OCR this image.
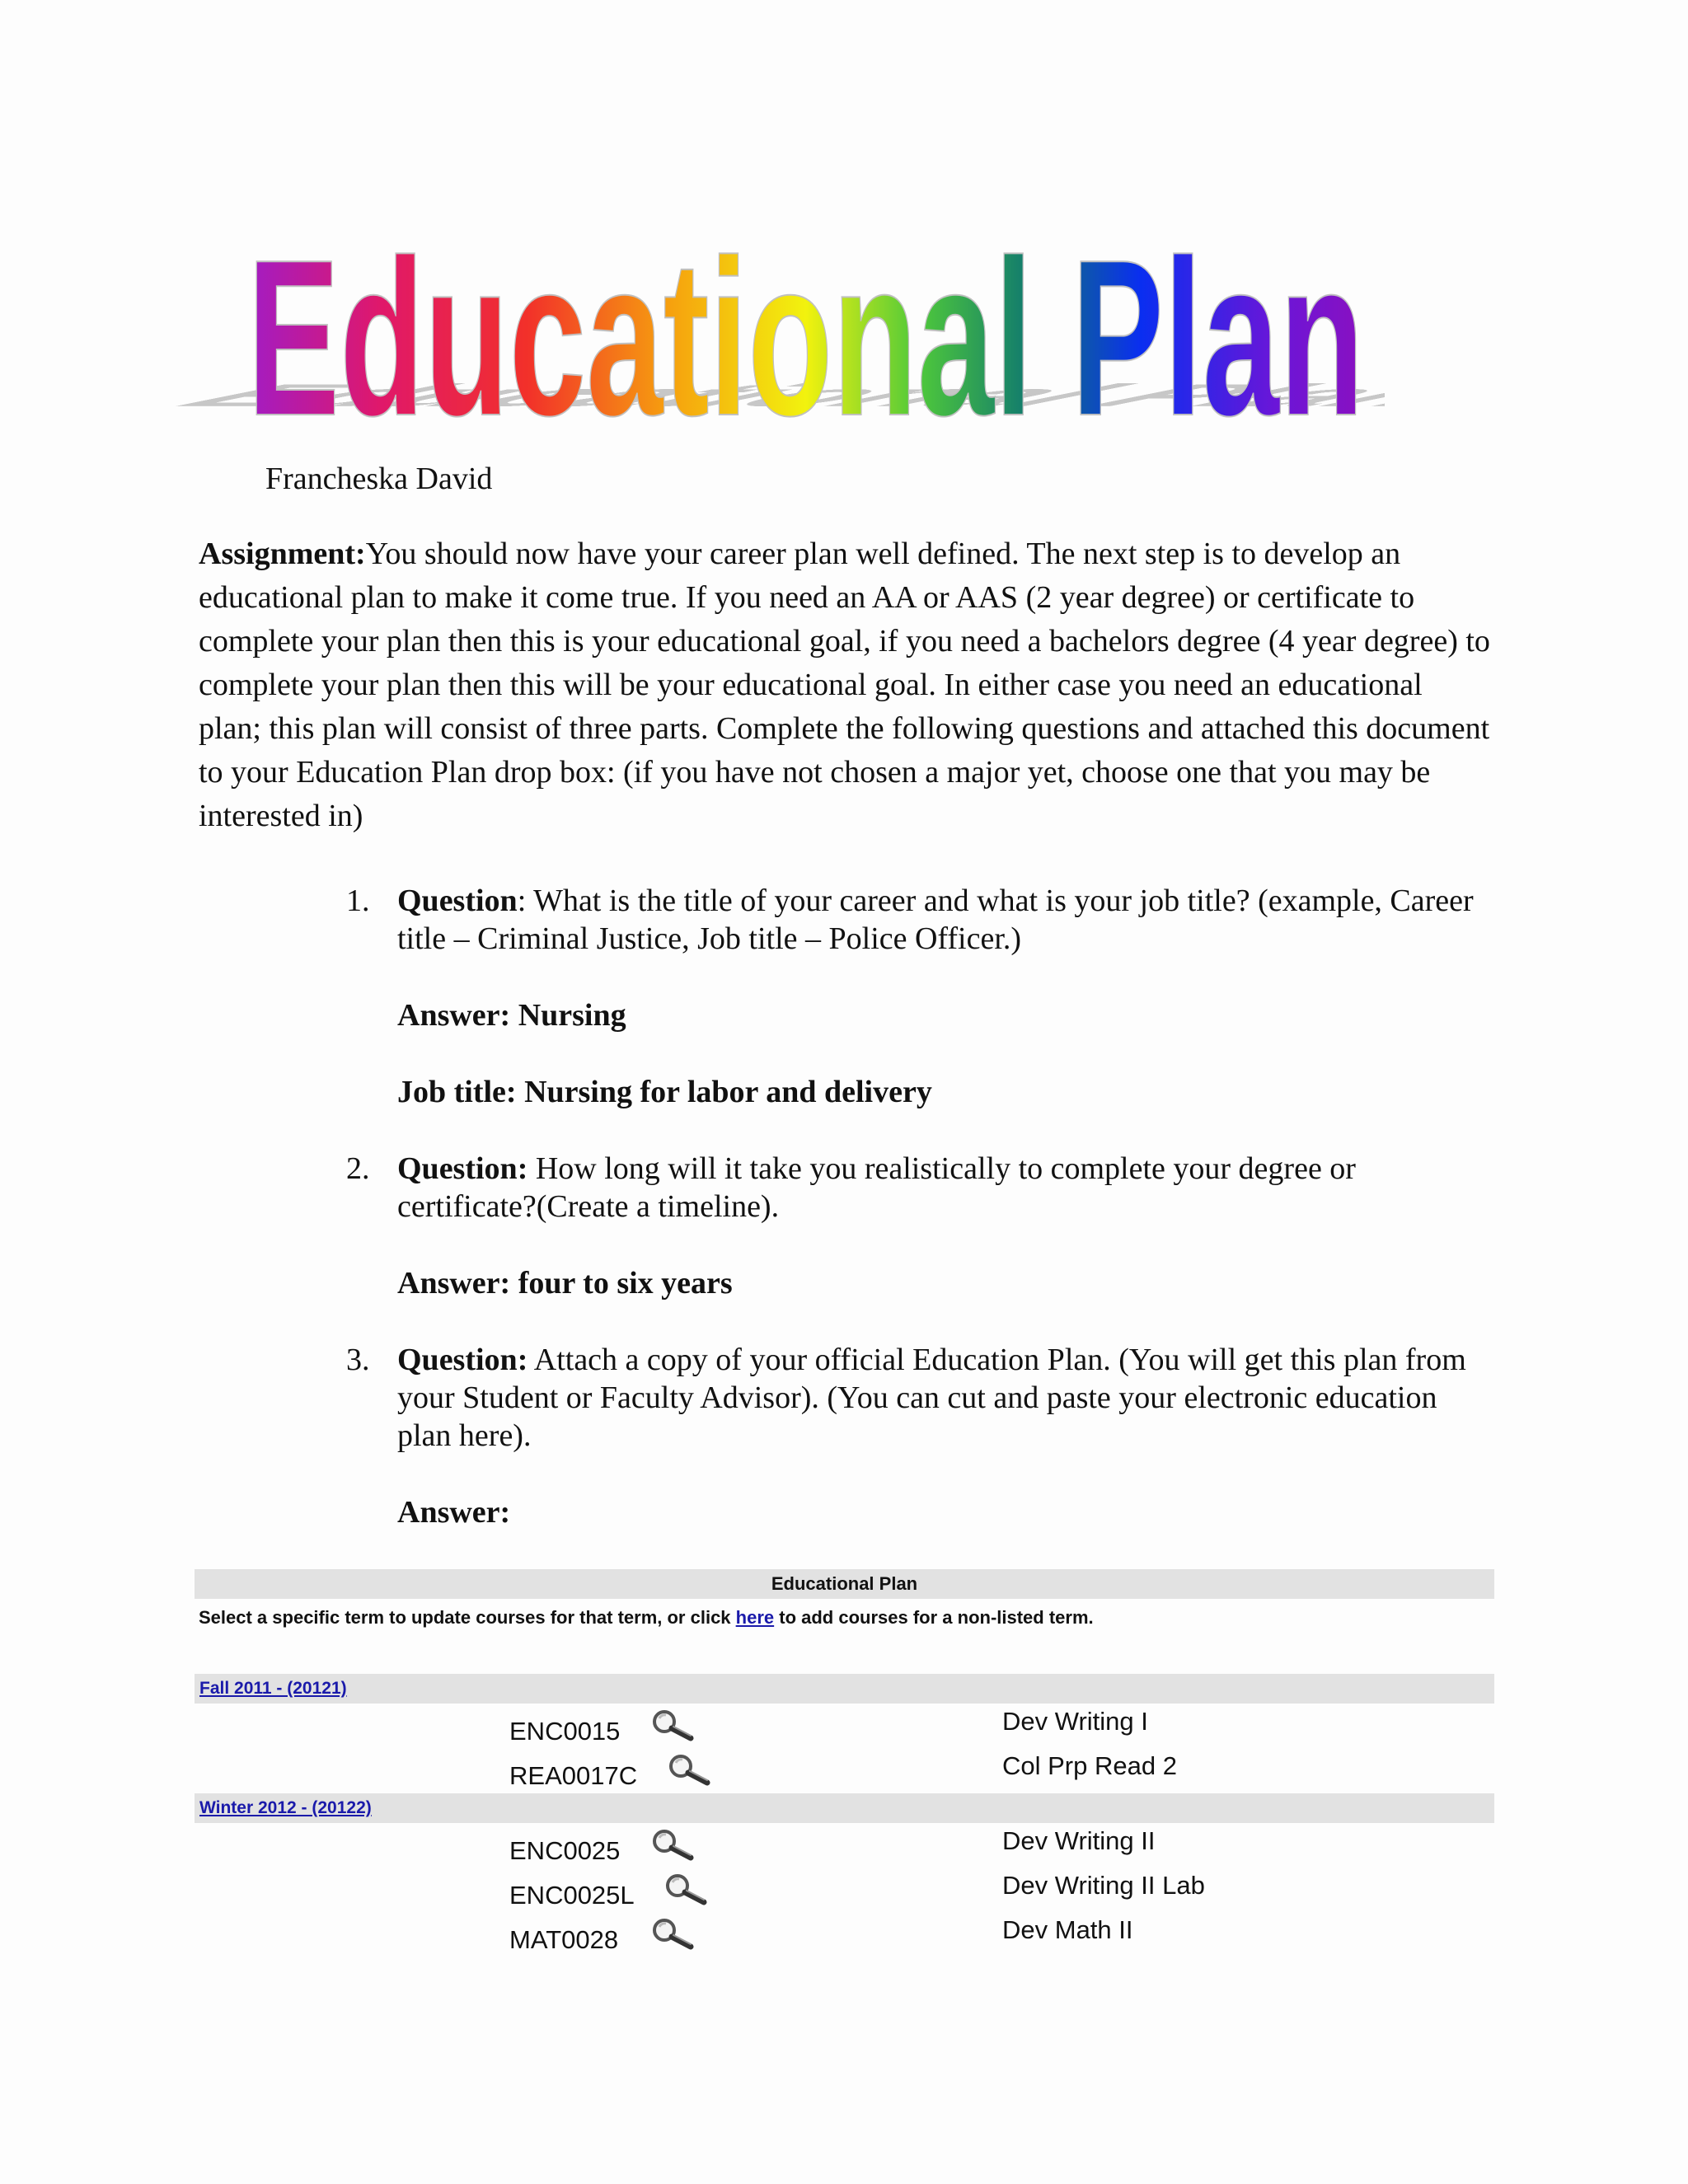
Educational Plan
Educational Plan
Francheska David
Assignment:You should now have your career plan well defined. The next step is to develop an educational plan to make it come true. If you need an AA or AAS (2 year degree) or certificate to complete your plan then this is your educational goal, if you need a bachelors degree (4 year degree) to complete your plan then this will be your educational goal. In either case you need an educational plan; this plan will consist of three parts. Complete the following questions and attached this document to your Education Plan drop box: (if you have not chosen a major yet, choose one that you may be interested in)
1. Question: What is the title of your career and what is your job title? (example, Career title – Criminal Justice, Job title – Police Officer.)
Answer: Nursing
Job title: Nursing for labor and delivery
2. Question: How long will it take you realistically to complete your degree or certificate?(Create a timeline).
Answer: four to six years
3. Question: Attach a copy of your official Education Plan. (You will get this plan from your Student or Faculty Advisor). (You can cut and paste your electronic education plan here).
Answer:
Educational Plan
Select a specific term to update courses for that term, or click here to add courses for a non-listed term.
Fall 2011 - (20121)
ENC0015	Dev Writing I
REA0017C	Col Prp Read 2
Winter 2012 - (20122)
ENC0025	Dev Writing II
ENC0025L	Dev Writing II Lab
MAT0028	Dev Math II
